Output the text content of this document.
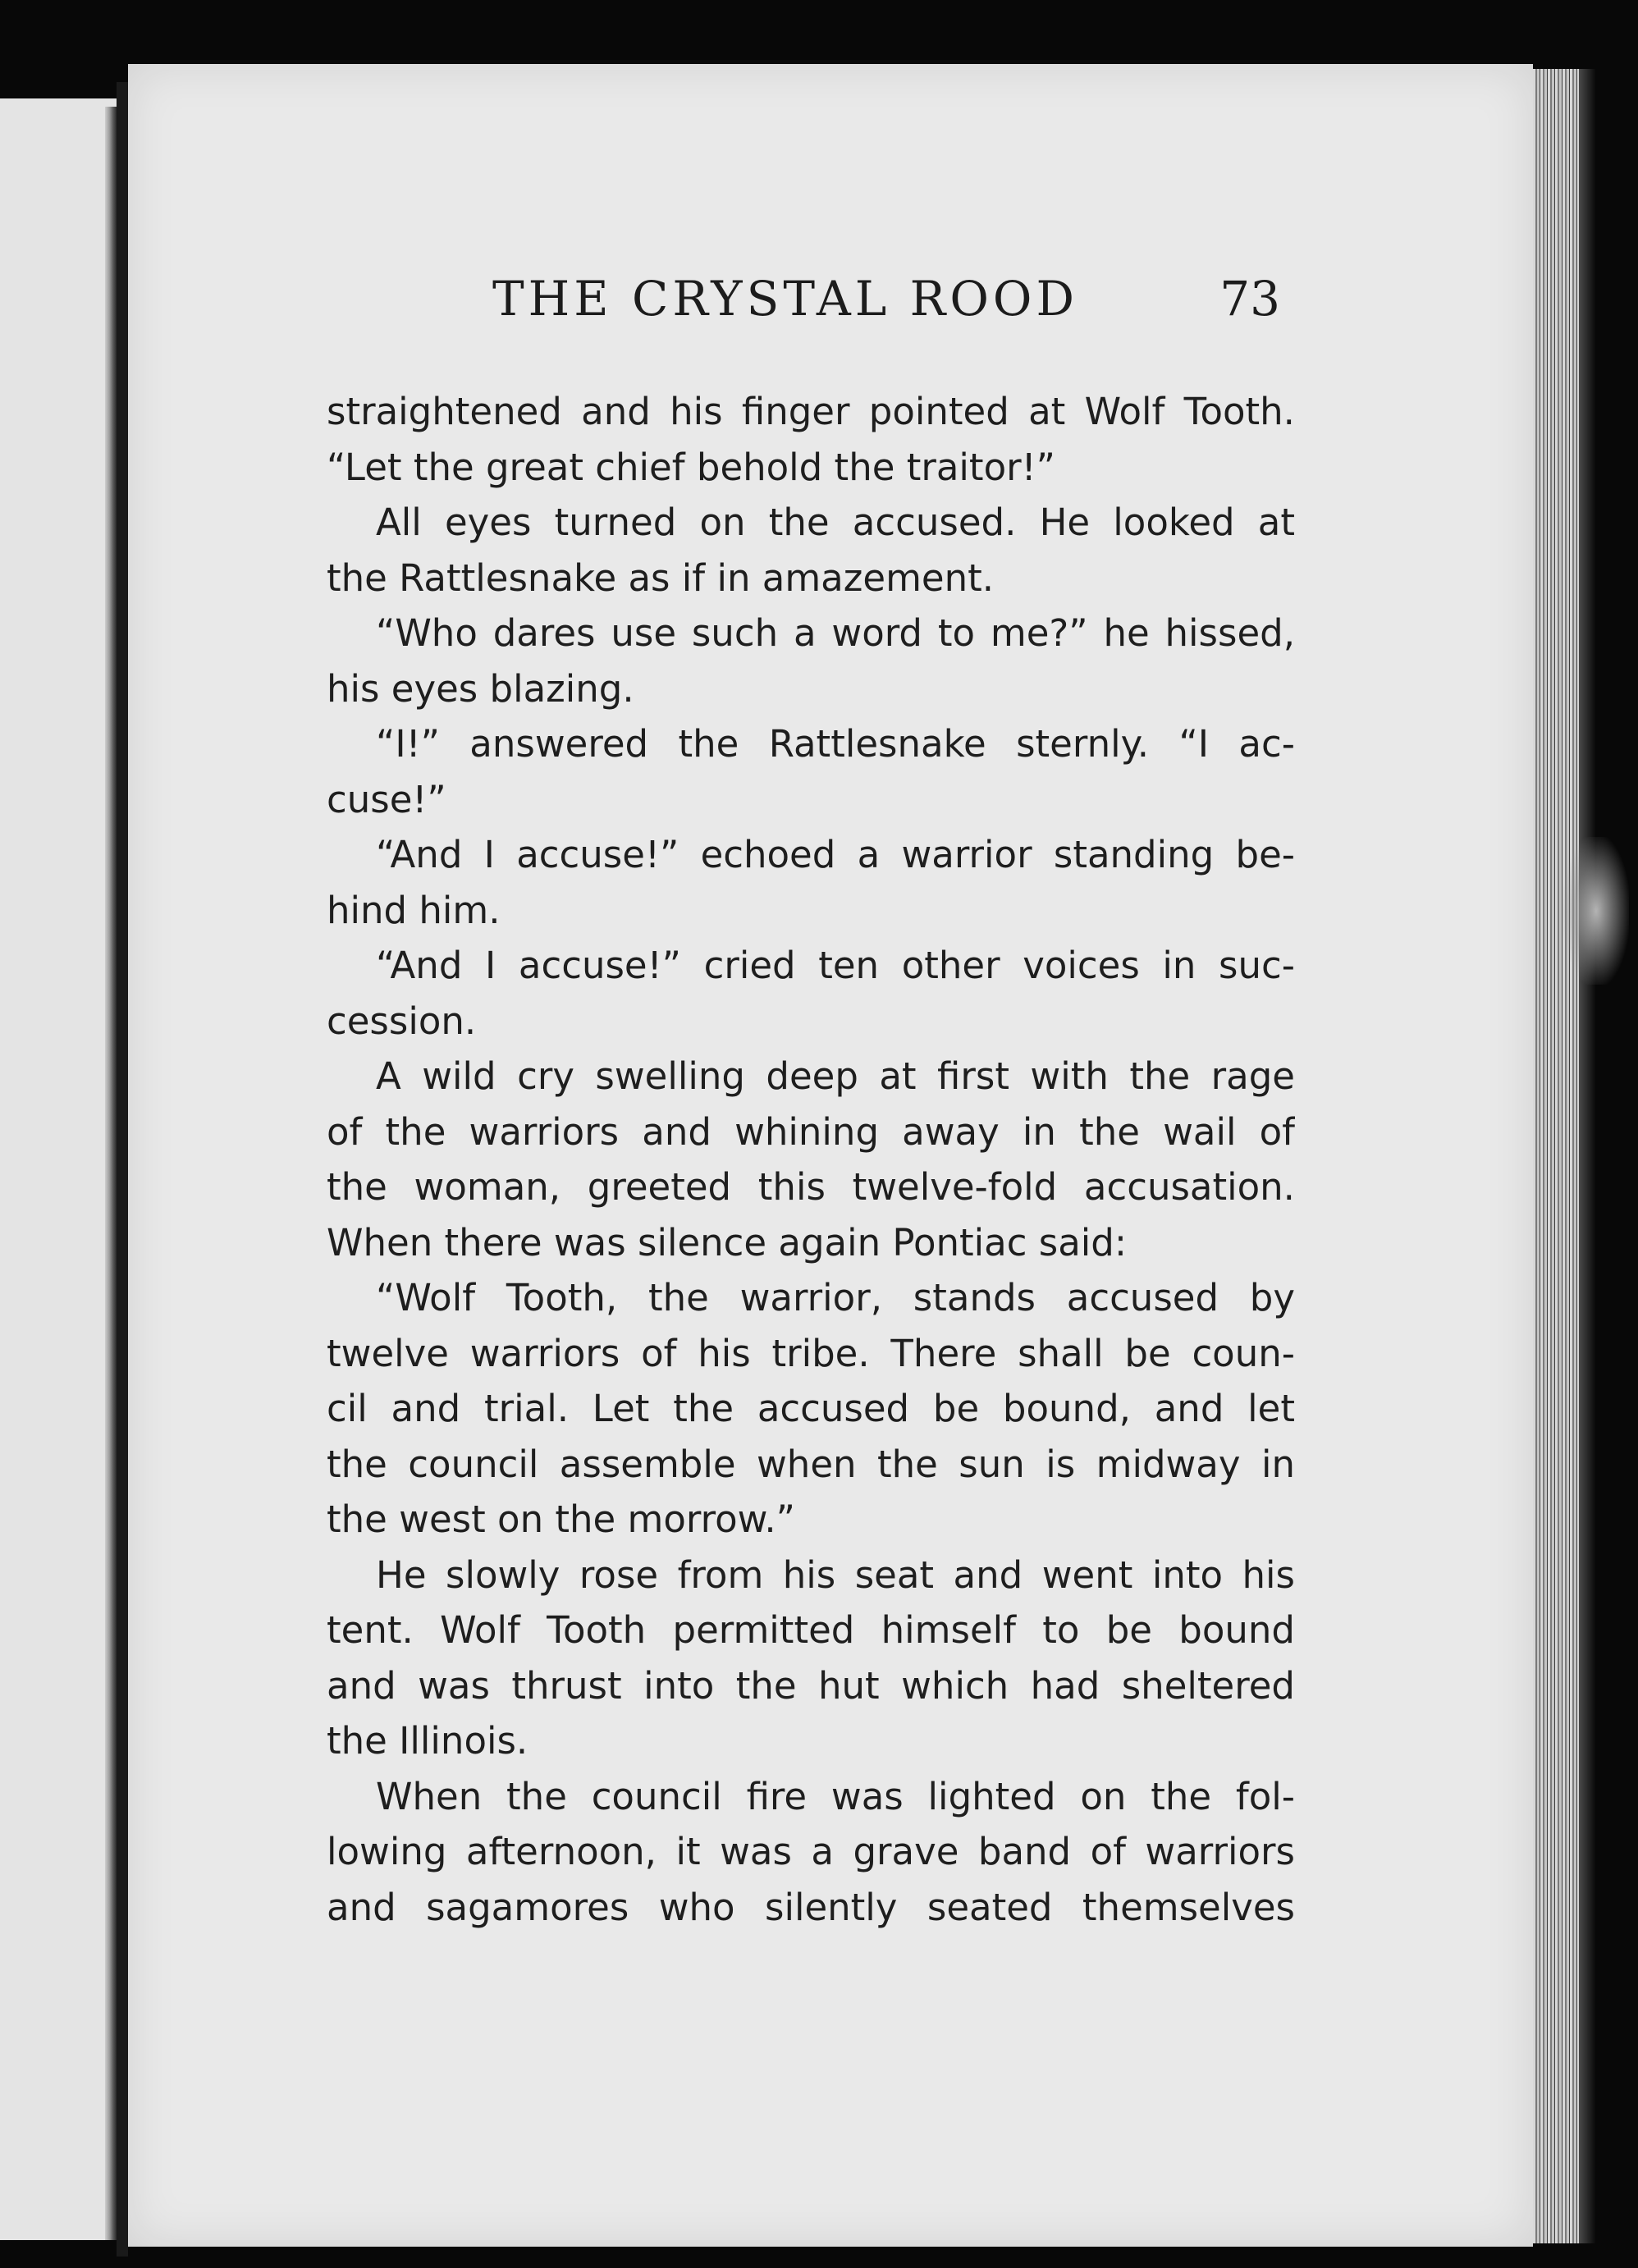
THE CRYSTAL ROOD	73
straightened and his finger pointed at Wolf Tooth.
“Let the great chief behold the traitor!”
All eyes turned on the accused. He looked at
the Rattlesnake as if in amazement.
“Who dares use such a word to me?” he hissed,
his eyes blazing.
“I!” answered the Rattlesnake sternly. “I ac-
cuse!”
“And I accuse!” echoed a warrior standing be-
hind him.
“And I accuse!” cried ten other voices in suc-
cession.
A wild cry swelling deep at first with the rage
of the warriors and whining away in the wail of
the woman, greeted this twelve-fold accusation.
When there was silence again Pontiac said:
“Wolf Tooth, the warrior, stands accused by
twelve warriors of his tribe. There shall be coun-
cil and trial. Let the accused be bound, and let
the council assemble when the sun is midway in
the west on the morrow.”
He slowly rose from his seat and went into his
tent. Wolf Tooth permitted himself to be bound
and was thrust into the hut which had sheltered
the Illinois.
When the council fire was lighted on the fol-
lowing afternoon, it was a grave band of warriors
and sagamores who silently seated themselves
